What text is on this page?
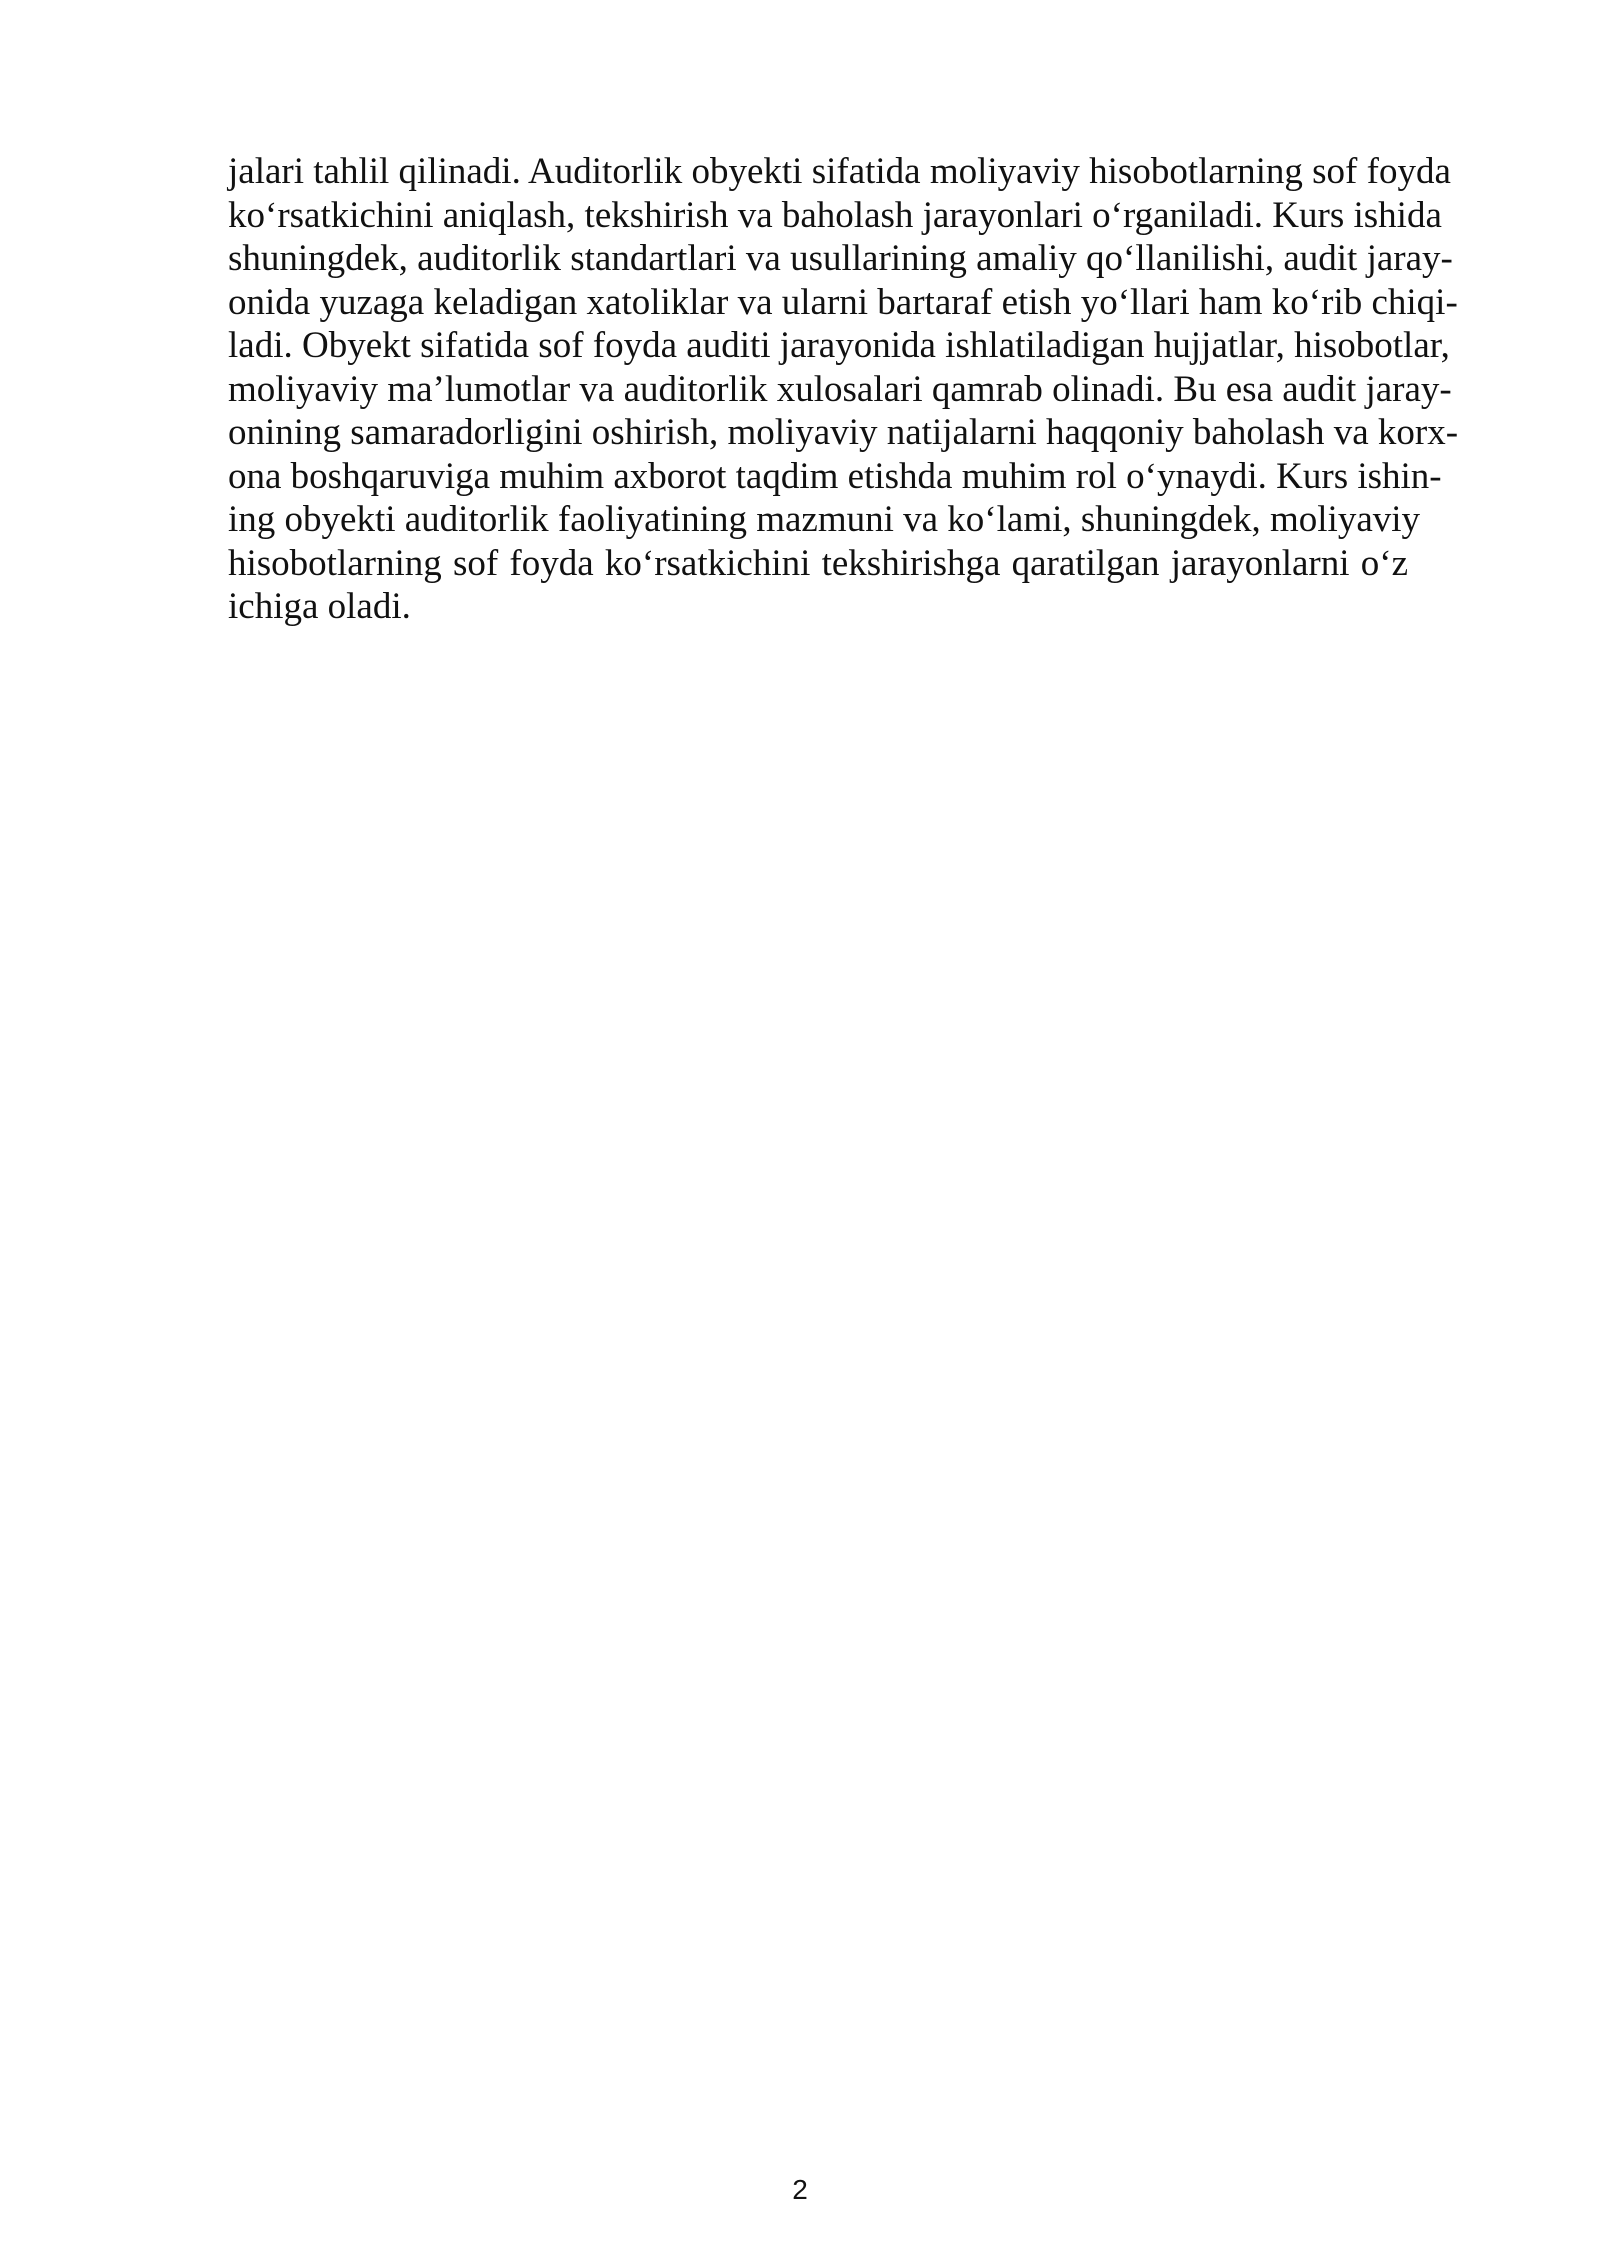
jalari tahlil qilinadi. Auditorlik obyekti sifatida moliyaviy hisobotlarning sof foyda
ko‘rsatkichini aniqlash, tekshirish va baholash jarayonlari o‘rganiladi. Kurs ishida
shuningdek, auditorlik standartlari va usullarining amaliy qo‘llanilishi, audit jaray-
onida yuzaga keladigan xatoliklar va ularni bartaraf etish yo‘llari ham ko‘rib chiqi-
ladi. Obyekt sifatida sof foyda auditi jarayonida ishlatiladigan hujjatlar, hisobotlar,
moliyaviy ma’lumotlar va auditorlik xulosalari qamrab olinadi. Bu esa audit jaray-
onining samaradorligini oshirish, moliyaviy natijalarni haqqoniy baholash va korx-
ona boshqaruviga muhim axborot taqdim etishda muhim rol o‘ynaydi. Kurs ishin-
ing obyekti auditorlik faoliyatining mazmuni va ko‘lami, shuningdek, moliyaviy
hisobotlarning sof foyda ko‘rsatkichini tekshirishga qaratilgan jarayonlarni o‘z
ichiga oladi.

2
